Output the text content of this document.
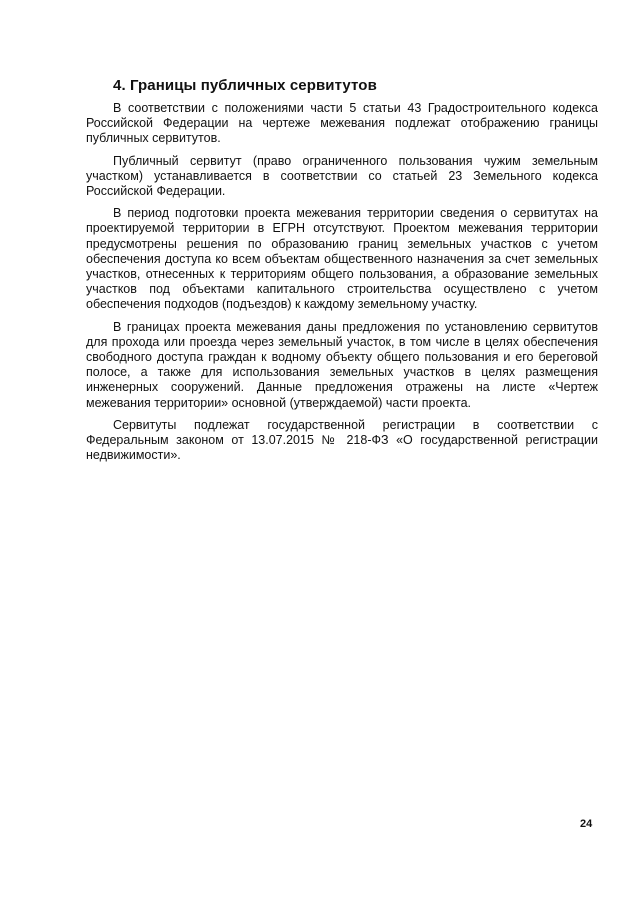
4. Границы публичных сервитутов

В соответствии с положениями части 5 статьи 43 Градостроительного кодекса Российской Федерации на чертеже межевания подлежат отображению границы публичных сервитутов.

Публичный сервитут (право ограниченного пользования чужим земельным участком) устанавливается в соответствии со статьей 23 Земельного кодекса Российской Федерации.

В период подготовки проекта межевания территории сведения о сервитутах на проектируемой территории в ЕГРН отсутствуют. Проектом межевания территории предусмотрены решения по образованию границ земельных участков с учетом обеспечения доступа ко всем объектам общественного назначения за счет земельных участков, отнесенных к территориям общего пользования, а образование земельных участков под объектами капитального строительства осуществлено с учетом обеспечения подходов (подъездов) к каждому земельному участку.

В границах проекта межевания даны предложения по установлению сервитутов для прохода или проезда через земельный участок, в том числе в целях обеспечения свободного доступа граждан к водному объекту общего пользования и его береговой полосе, а также для использования земельных участков в целях размещения инженерных сооружений. Данные предложения отражены на листе «Чертеж межевания территории» основной (утверждаемой) части проекта.

Сервитуты подлежат государственной регистрации в соответствии с Федеральным законом от 13.07.2015 № 218-ФЗ «О государственной регистрации недвижимости».

24
